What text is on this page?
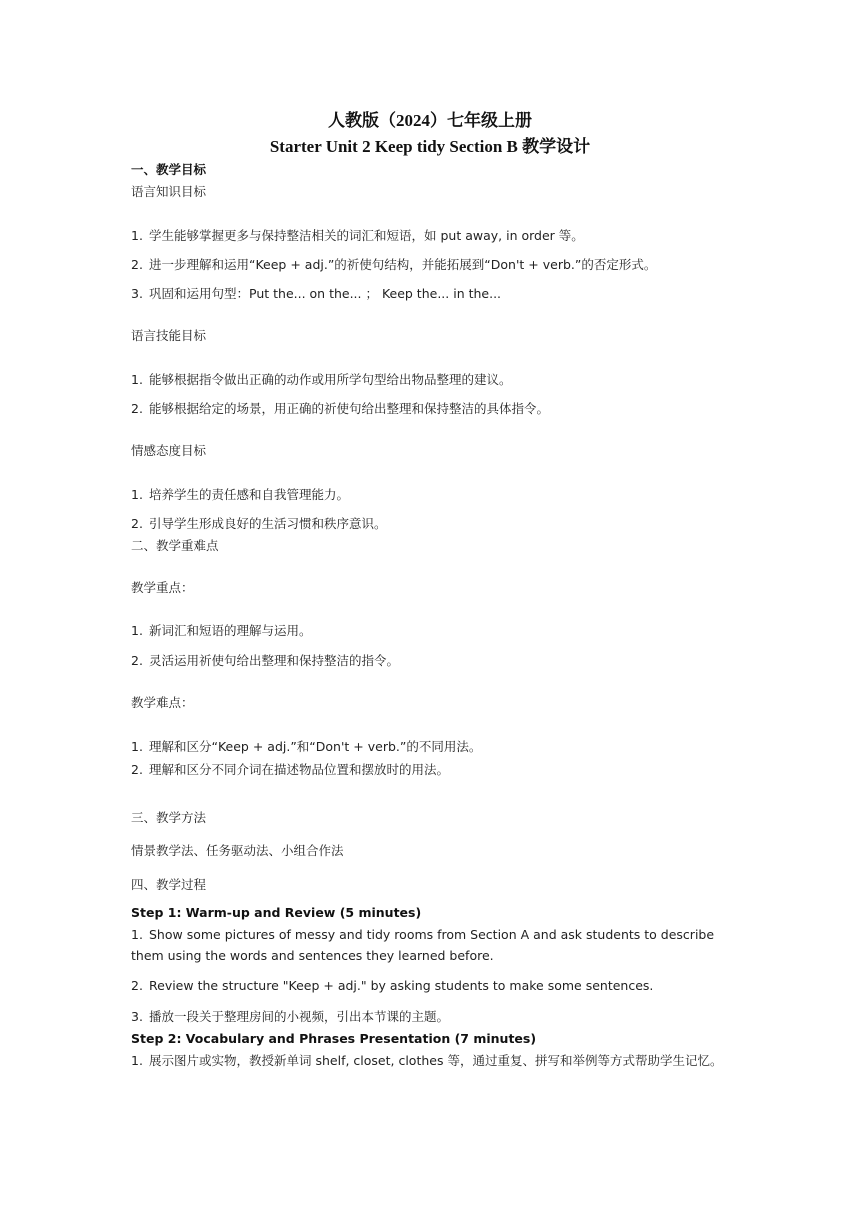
人教版（2024）七年级上册
Starter Unit 2 Keep tidy Section B 教学设计
一、教学目标
语言知识目标
1. 学生能够掌握更多与保持整洁相关的词汇和短语，如 put away, in order 等。
2. 进一步理解和运用“Keep + adj.”的祈使句结构，并能拓展到“Don't + verb.”的否定形式。
3. 巩固和运用句型：Put the... on the... ； Keep the... in the...
语言技能目标
1. 能够根据指令做出正确的动作或用所学句型给出物品整理的建议。
2. 能够根据给定的场景，用正确的祈使句给出整理和保持整洁的具体指令。
情感态度目标
1. 培养学生的责任感和自我管理能力。
2. 引导学生形成良好的生活习惯和秩序意识。
二、教学重难点
教学重点：
1. 新词汇和短语的理解与运用。
2. 灵活运用祈使句给出整理和保持整洁的指令。
教学难点：
1. 理解和区分“Keep + adj.”和“Don't + verb.”的不同用法。
2. 理解和区分不同介词在描述物品位置和摆放时的用法。
三、教学方法
情景教学法、任务驱动法、小组合作法
四、教学过程
Step 1: Warm-up and Review (5 minutes)
1. Show some pictures of messy and tidy rooms from Section A and ask students to describe them using the words and sentences they learned before.
2. Review the structure "Keep + adj." by asking students to make some sentences.
3. 播放一段关于整理房间的小视频，引出本节课的主题。
Step 2: Vocabulary and Phrases Presentation (7 minutes)
1. 展示图片或实物，教授新单词 shelf, closet, clothes 等，通过重复、拼写和举例等方式帮助学生记忆。
